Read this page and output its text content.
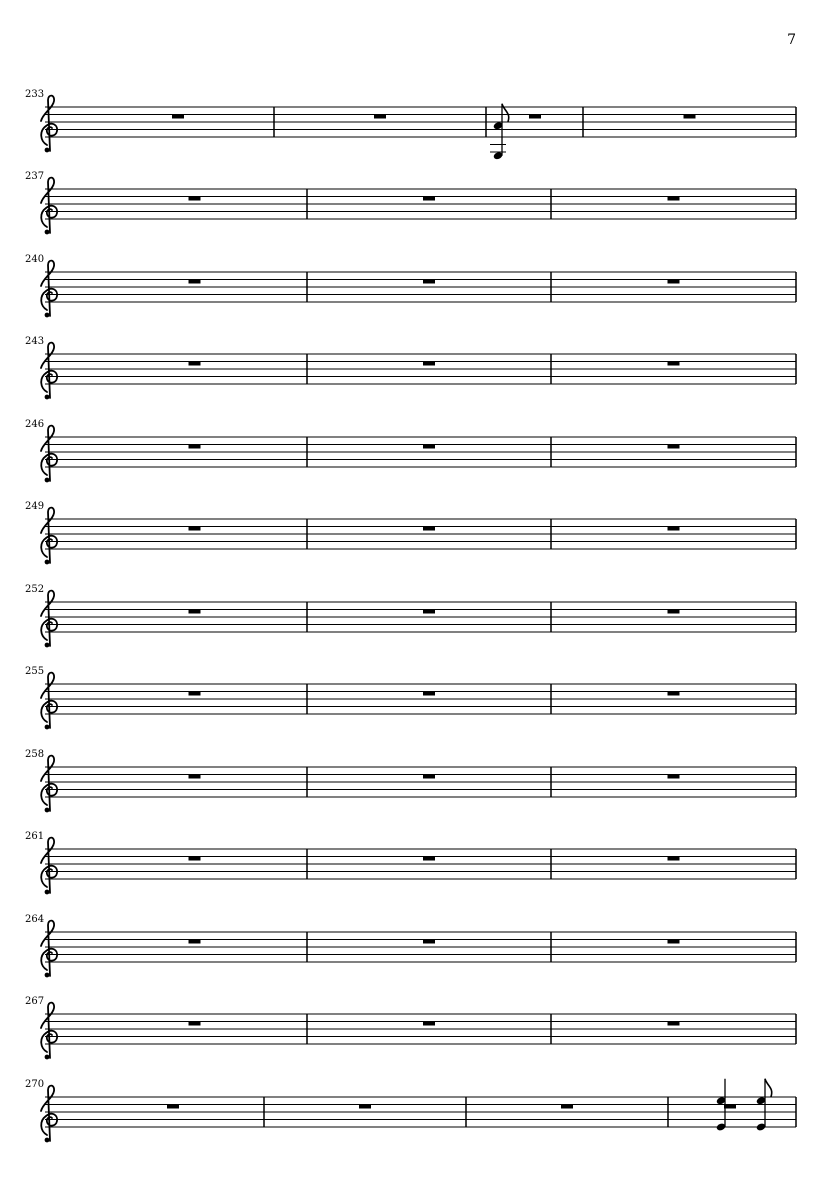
7
233
237
240
243
246
249
252
255
258
261
264
267
270
